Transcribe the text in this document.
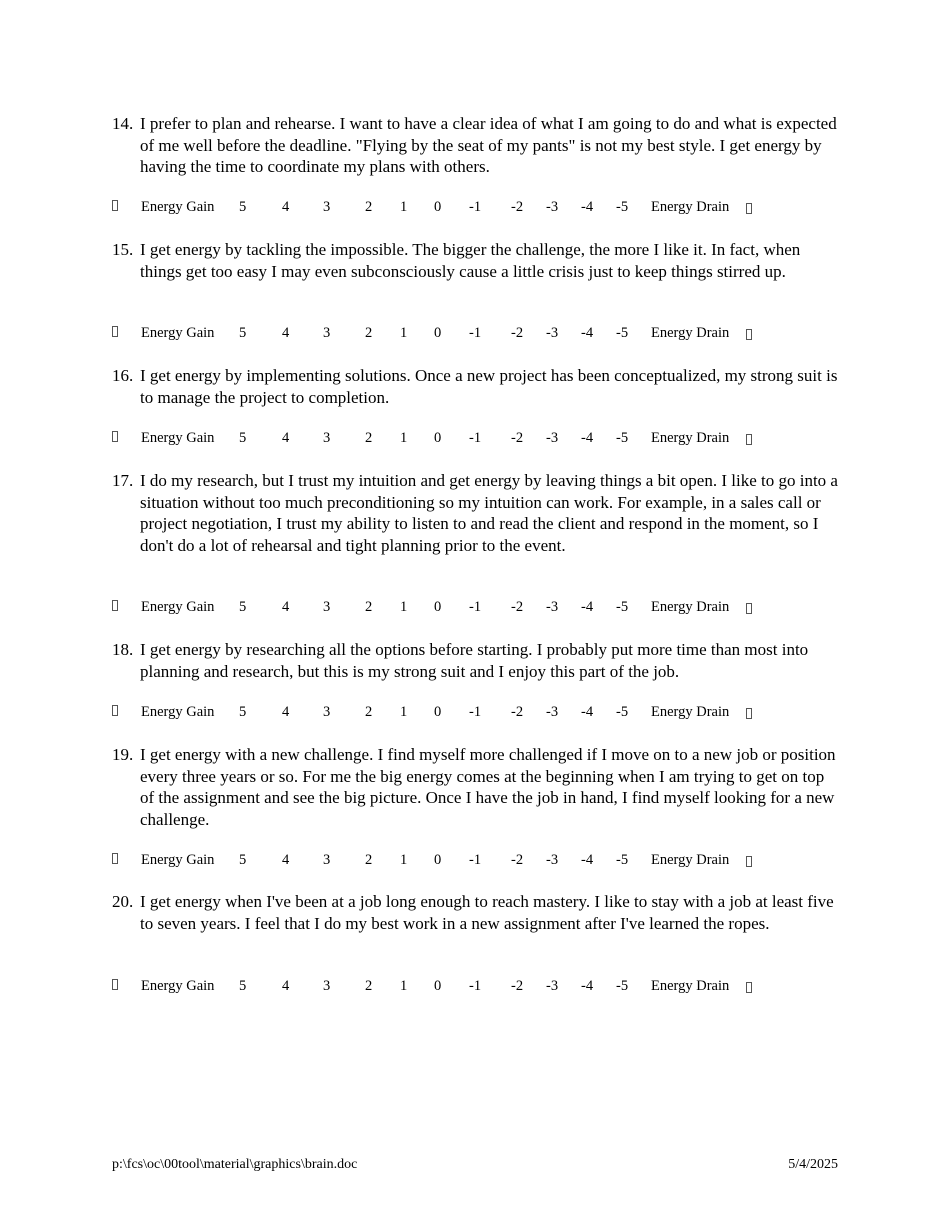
14. I prefer to plan and rehearse. I want to have a clear idea of what I am going to do and what is expected of me well before the deadline. "Flying by the seat of my pants" is not my best style. I get energy by having the time to coordinate my plans with others.
Energy Gain 5 4 3 2 1 0 -1 -2 -3 -4 -5 Energy Drain
15. I get energy by tackling the impossible. The bigger the challenge, the more I like it. In fact, when things get too easy I may even subconsciously cause a little crisis just to keep things stirred up.
Energy Gain 5 4 3 2 1 0 -1 -2 -3 -4 -5 Energy Drain
16. I get energy by implementing solutions. Once a new project has been conceptualized, my strong suit is to manage the project to completion.
Energy Gain 5 4 3 2 1 0 -1 -2 -3 -4 -5 Energy Drain
17. I do my research, but I trust my intuition and get energy by leaving things a bit open. I like to go into a situation without too much preconditioning so my intuition can work. For example, in a sales call or project negotiation, I trust my ability to listen to and read the client and respond in the moment, so I don't do a lot of rehearsal and tight planning prior to the event.
Energy Gain 5 4 3 2 1 0 -1 -2 -3 -4 -5 Energy Drain
18. I get energy by researching all the options before starting. I probably put more time than most into planning and research, but this is my strong suit and I enjoy this part of the job.
Energy Gain 5 4 3 2 1 0 -1 -2 -3 -4 -5 Energy Drain
19. I get energy with a new challenge. I find myself more challenged if I move on to a new job or position every three years or so. For me the big energy comes at the beginning when I am trying to get on top of the assignment and see the big picture. Once I have the job in hand, I find myself looking for a new challenge.
Energy Gain 5 4 3 2 1 0 -1 -2 -3 -4 -5 Energy Drain
20. I get energy when I've been at a job long enough to reach mastery. I like to stay with a job at least five to seven years. I feel that I do my best work in a new assignment after I've learned the ropes.
Energy Gain 5 4 3 2 1 0 -1 -2 -3 -4 -5 Energy Drain
p:\fcs\oc\00tool\material\graphics\brain.doc	5/4/2025
